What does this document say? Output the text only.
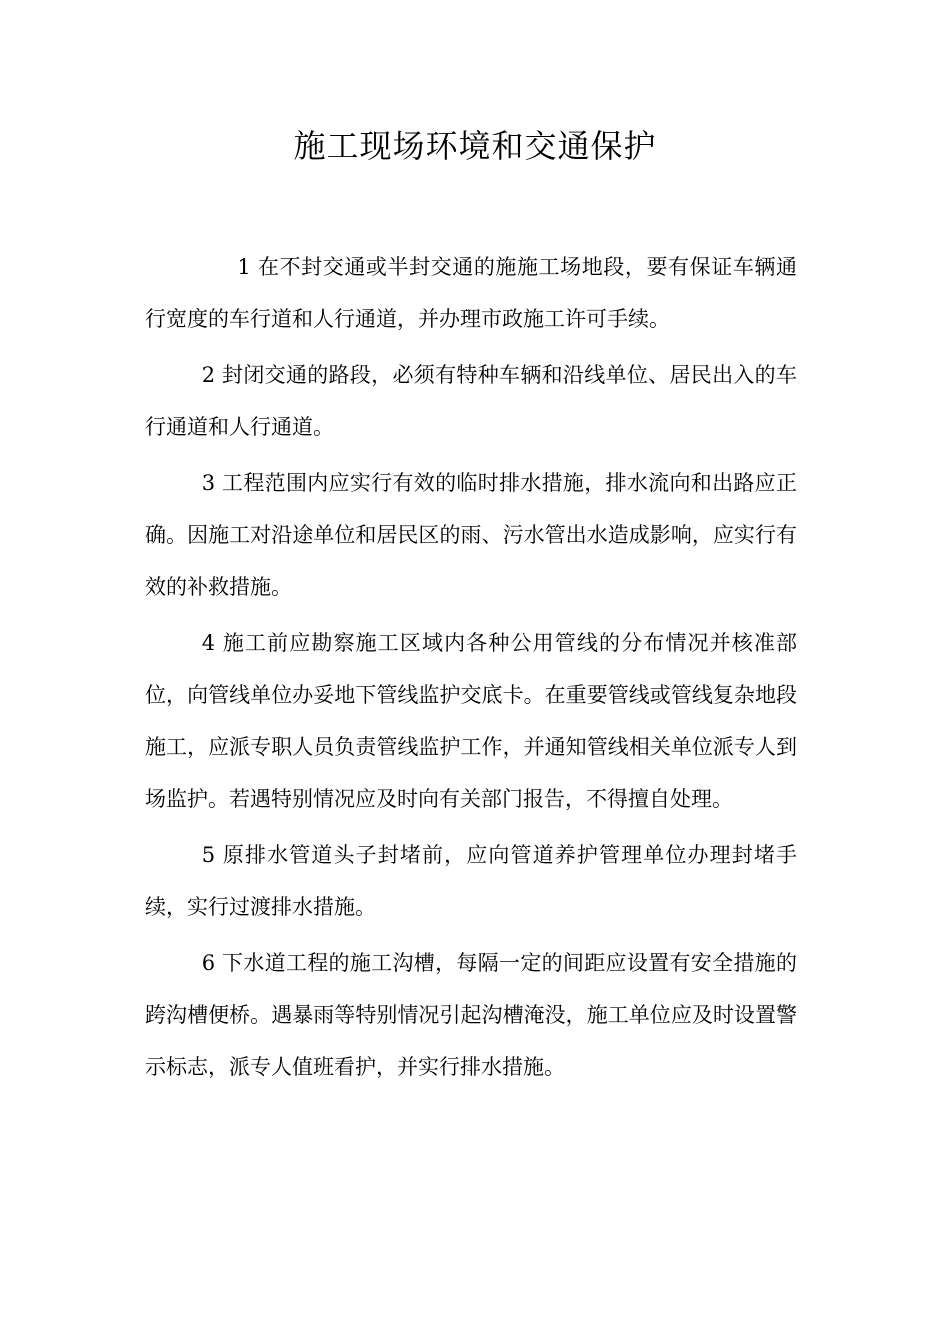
施工现场环境和交通保护

1 在不封交通或半封交通的施施工场地段，要有保证车辆通行宽度的车行道和人行通道，并办理市政施工许可手续。

2 封闭交通的路段，必须有特种车辆和沿线单位、居民出入的车行通道和人行通道。

3 工程范围内应实行有效的临时排水措施，排水流向和出路应正确。因施工对沿途单位和居民区的雨、污水管出水造成影响，应实行有效的补救措施。

4 施工前应勘察施工区域内各种公用管线的分布情况并核准部位，向管线单位办妥地下管线监护交底卡。在重要管线或管线复杂地段施工，应派专职人员负责管线监护工作，并通知管线相关单位派专人到场监护。若遇特别情况应及时向有关部门报告，不得擅自处理。

5 原排水管道头子封堵前，应向管道养护管理单位办理封堵手续，实行过渡排水措施。

6 下水道工程的施工沟槽，每隔一定的间距应设置有安全措施的跨沟槽便桥。遇暴雨等特别情况引起沟槽淹没，施工单位应及时设置警示标志，派专人值班看护，并实行排水措施。
